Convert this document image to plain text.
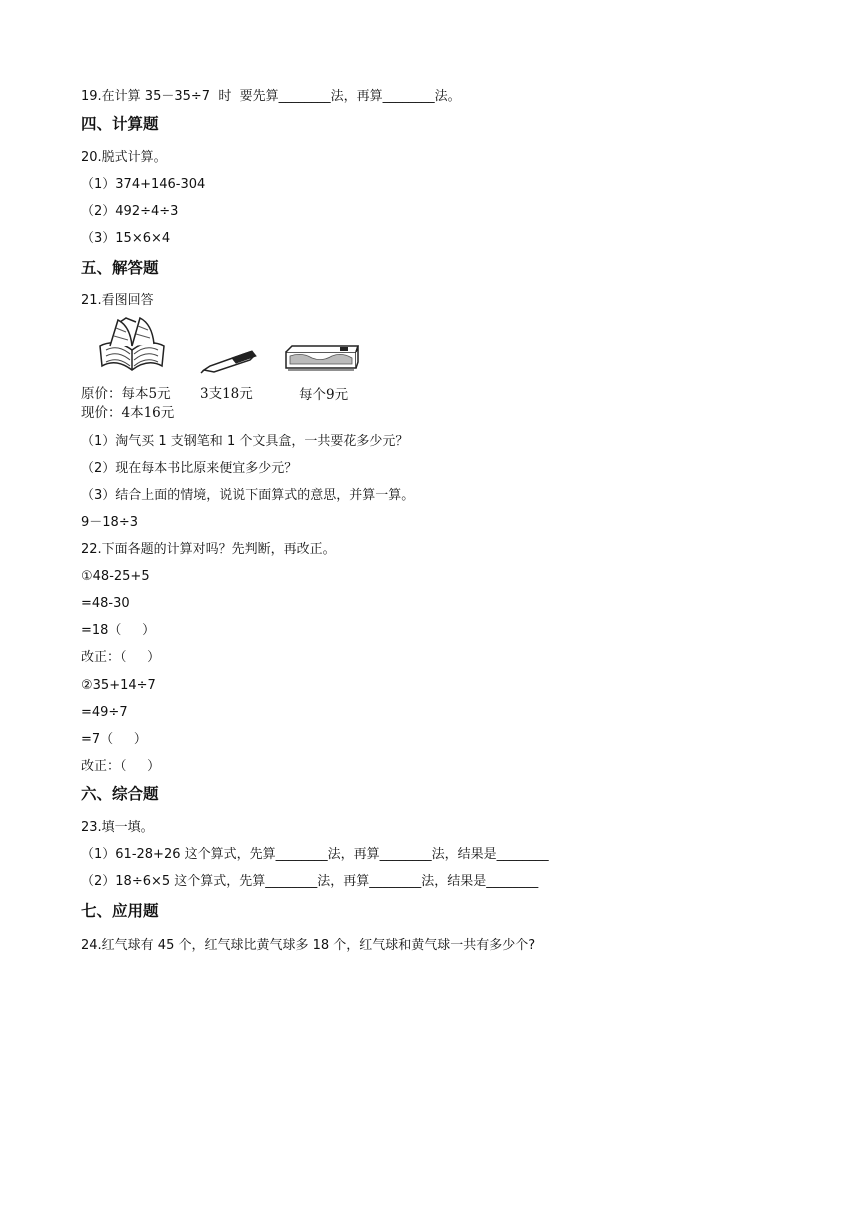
19.在计算 35－35÷7  时  要先算________法，再算________法。
四、计算题
20.脱式计算。
（1）374+146-304
（2）492÷4÷3
（3）15×6×4
五、解答题
21.看图回答
原价：每本5元
现价：4本16元
3支18元	每个9元
（1）淘气买 1 支钢笔和 1 个文具盒，一共要花多少元？
（2）现在每本书比原来便宜多少元？
（3）结合上面的情境，说说下面算式的意思，并算一算。
9－18÷3
22.下面各题的计算对吗？先判断，再改正。
①48-25+5
=48-30
=18（     ）
改正：（     ）
②35+14÷7
=49÷7
=7（     ）
改正：（     ）
六、综合题
23.填一填。
（1）61-28+26 这个算式，先算________法，再算________法，结果是________
（2）18÷6×5 这个算式，先算________法，再算________法，结果是________
七、应用题
24.红气球有 45 个，红气球比黄气球多 18 个，红气球和黄气球一共有多少个?
